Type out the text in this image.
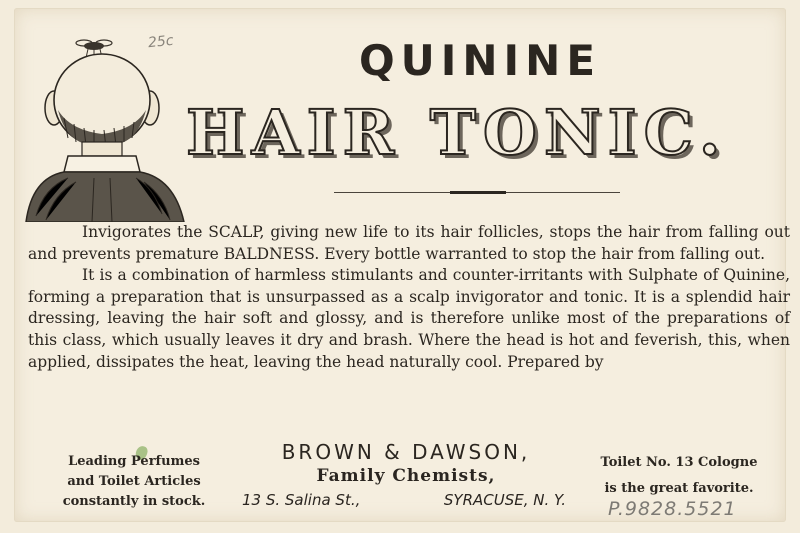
25c	QUININE
HAIR TONIC.

Invigorates the SCALP, giving new life to its hair follicles, stops the hair from falling out and prevents premature BALDNESS. Every bottle warranted to stop the hair from falling out.

It is a combination of harmless stimulants and counter-irritants with Sulphate of Quinine, forming a preparation that is unsurpassed as a scalp invigorator and tonic. It is a splendid hair dressing, leaving the hair soft and glossy, and is therefore unlike most of the preparations of this class, which usually leaves it dry and brash. Where the head is hot and feverish, this, when applied, dissipates the heat, leaving the head naturally cool. Prepared by

Leading Perfumes
and Toilet Articles
constantly in stock.
BROWN & DAWSON,
Family Chemists,
13 S. Salina St.,	SYRACUSE, N. Y.
Toilet No. 13 Cologne
is the great favorite.
P.9828.5521
